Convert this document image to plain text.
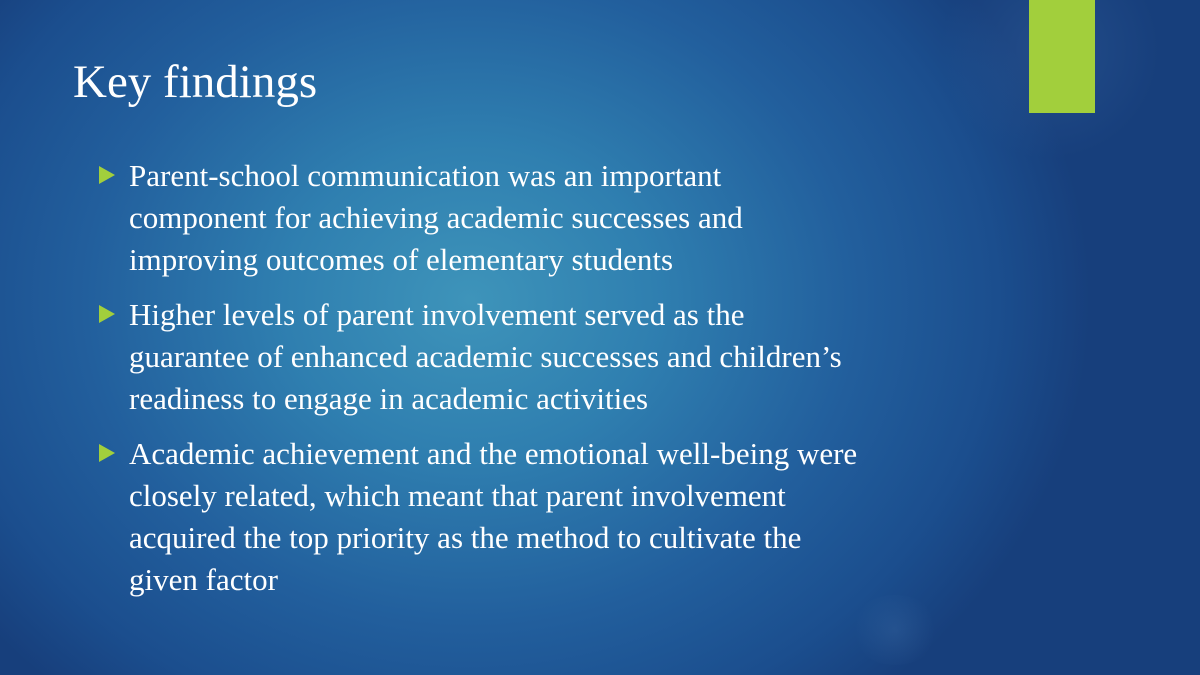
Key findings
Parent-school communication was an important
component for achieving academic successes and
improving outcomes of elementary students
Higher levels of parent involvement served as the
guarantee of enhanced academic successes and children’s
readiness to engage in academic activities
Academic achievement and the emotional well-being were
closely related, which meant that parent involvement
acquired the top priority as the method to cultivate the
given factor
